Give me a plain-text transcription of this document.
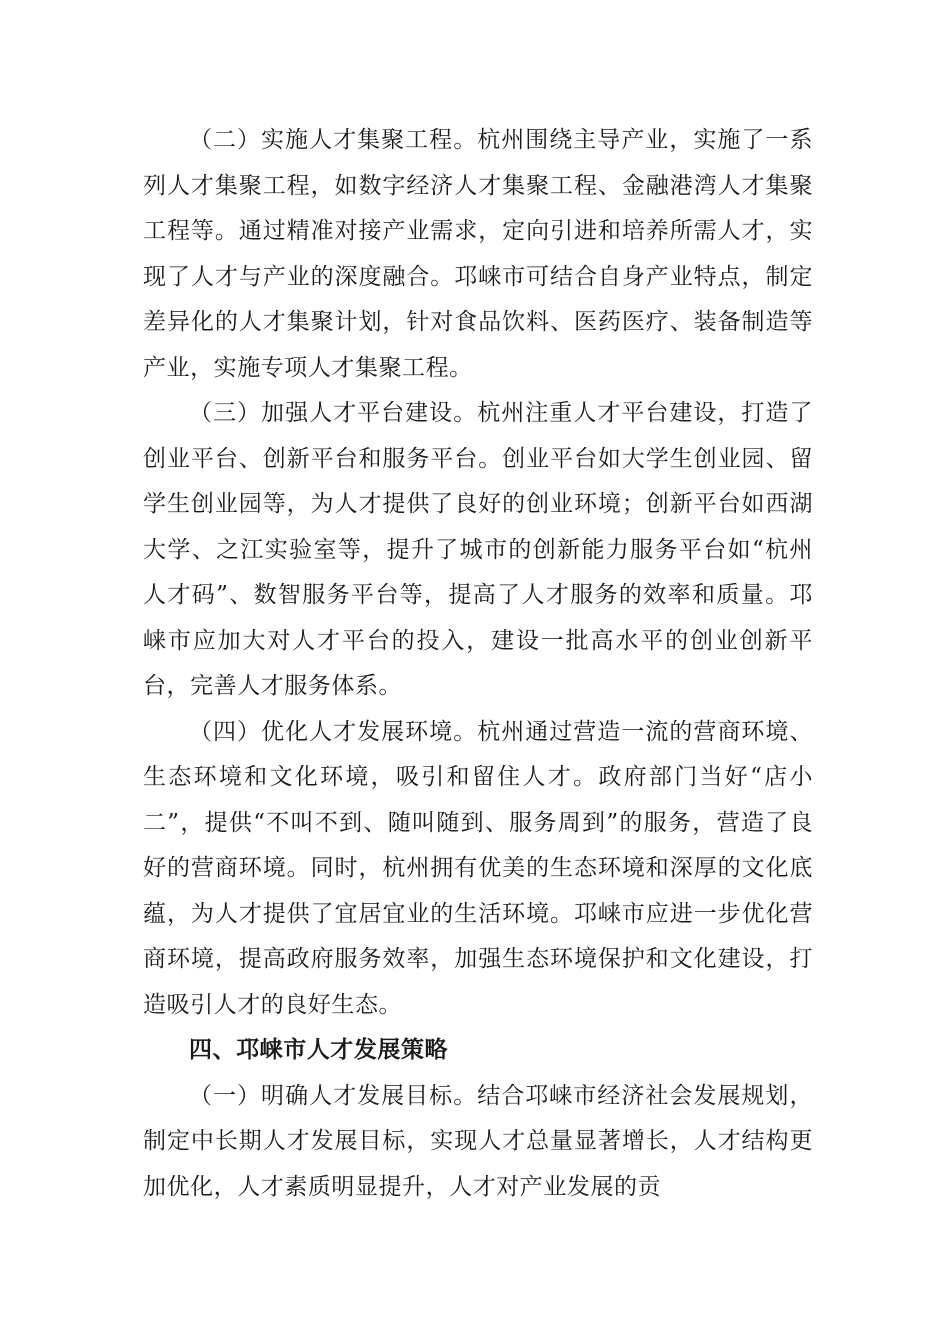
（二）实施人才集聚工程。杭州围绕主导产业，实施了一系列人才集聚工程，如数字经济人才集聚工程、金融港湾人才集聚工程等。通过精准对接产业需求，定向引进和培养所需人才，实现了人才与产业的深度融合。邛崃市可结合自身产业特点，制定差异化的人才集聚计划，针对食品饮料、医药医疗、装备制造等产业，实施专项人才集聚工程。

（三）加强人才平台建设。杭州注重人才平台建设，打造了创业平台、创新平台和服务平台。创业平台如大学生创业园、留学生创业园等，为人才提供了良好的创业环境；创新平台如西湖大学、之江实验室等，提升了城市的创新能力服务平台如“杭州人才码”、数智服务平台等，提高了人才服务的效率和质量。邛崃市应加大对人才平台的投入，建设一批高水平的创业创新平台，完善人才服务体系。

（四）优化人才发展环境。杭州通过营造一流的营商环境、生态环境和文化环境，吸引和留住人才。政府部门当好“店小二”，提供“不叫不到、随叫随到、服务周到”的服务，营造了良好的营商环境。同时，杭州拥有优美的生态环境和深厚的文化底蕴，为人才提供了宜居宜业的生活环境。邛崃市应进一步优化营商环境，提高政府服务效率，加强生态环境保护和文化建设，打造吸引人才的良好生态。

四、邛崃市人才发展策略

（一）明确人才发展目标。结合邛崃市经济社会发展规划，制定中长期人才发展目标，实现人才总量显著增长，人才结构更加优化，人才素质明显提升，人才对产业发展的贡
